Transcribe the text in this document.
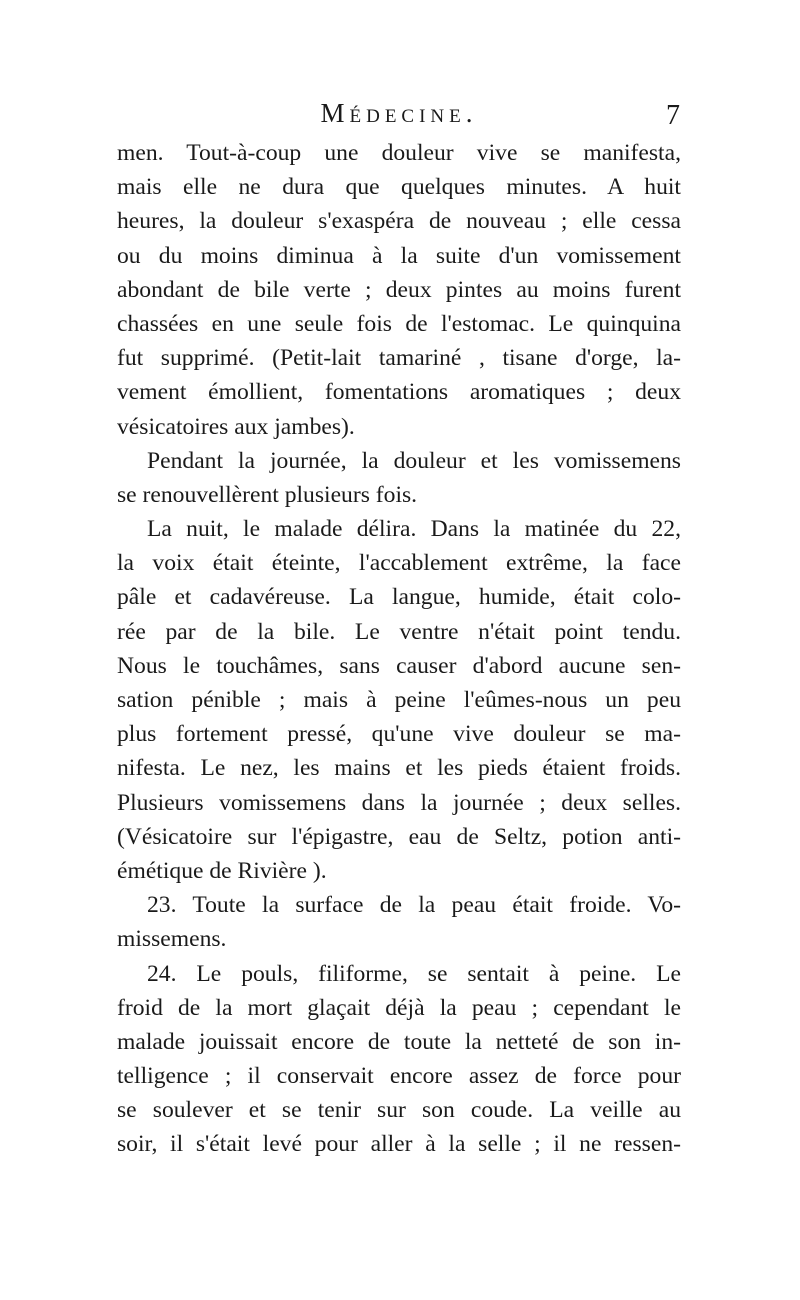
Médecine.	7
men. Tout-à-coup une douleur vive se manifesta,
mais elle ne dura que quelques minutes. A huit
heures, la douleur s'exaspéra de nouveau ; elle cessa
ou du moins diminua à la suite d'un vomissement
abondant de bile verte ; deux pintes au moins furent
chassées en une seule fois de l'estomac. Le quinquina
fut supprimé. (Petit-lait tamariné , tisane d'orge, la-
vement émollient, fomentations aromatiques ; deux
vésicatoires aux jambes).
Pendant la journée, la douleur et les vomissemens
se renouvellèrent plusieurs fois.
La nuit, le malade délira. Dans la matinée du 22,
la voix était éteinte, l'accablement extrême, la face
pâle et cadavéreuse. La langue, humide, était colo-
rée par de la bile. Le ventre n'était point tendu.
Nous le touchâmes, sans causer d'abord aucune sen-
sation pénible ; mais à peine l'eûmes-nous un peu
plus fortement pressé, qu'une vive douleur se ma-
nifesta. Le nez, les mains et les pieds étaient froids.
Plusieurs vomissemens dans la journée ; deux selles.
(Vésicatoire sur l'épigastre, eau de Seltz, potion anti-
émétique de Rivière ).
23. Toute la surface de la peau était froide. Vo-
missemens.
24. Le pouls, filiforme, se sentait à peine. Le
froid de la mort glaçait déjà la peau ; cependant le
malade jouissait encore de toute la netteté de son in-
telligence ; il conservait encore assez de force pour
se soulever et se tenir sur son coude. La veille au
soir, il s'était levé pour aller à la selle ; il ne ressen-
